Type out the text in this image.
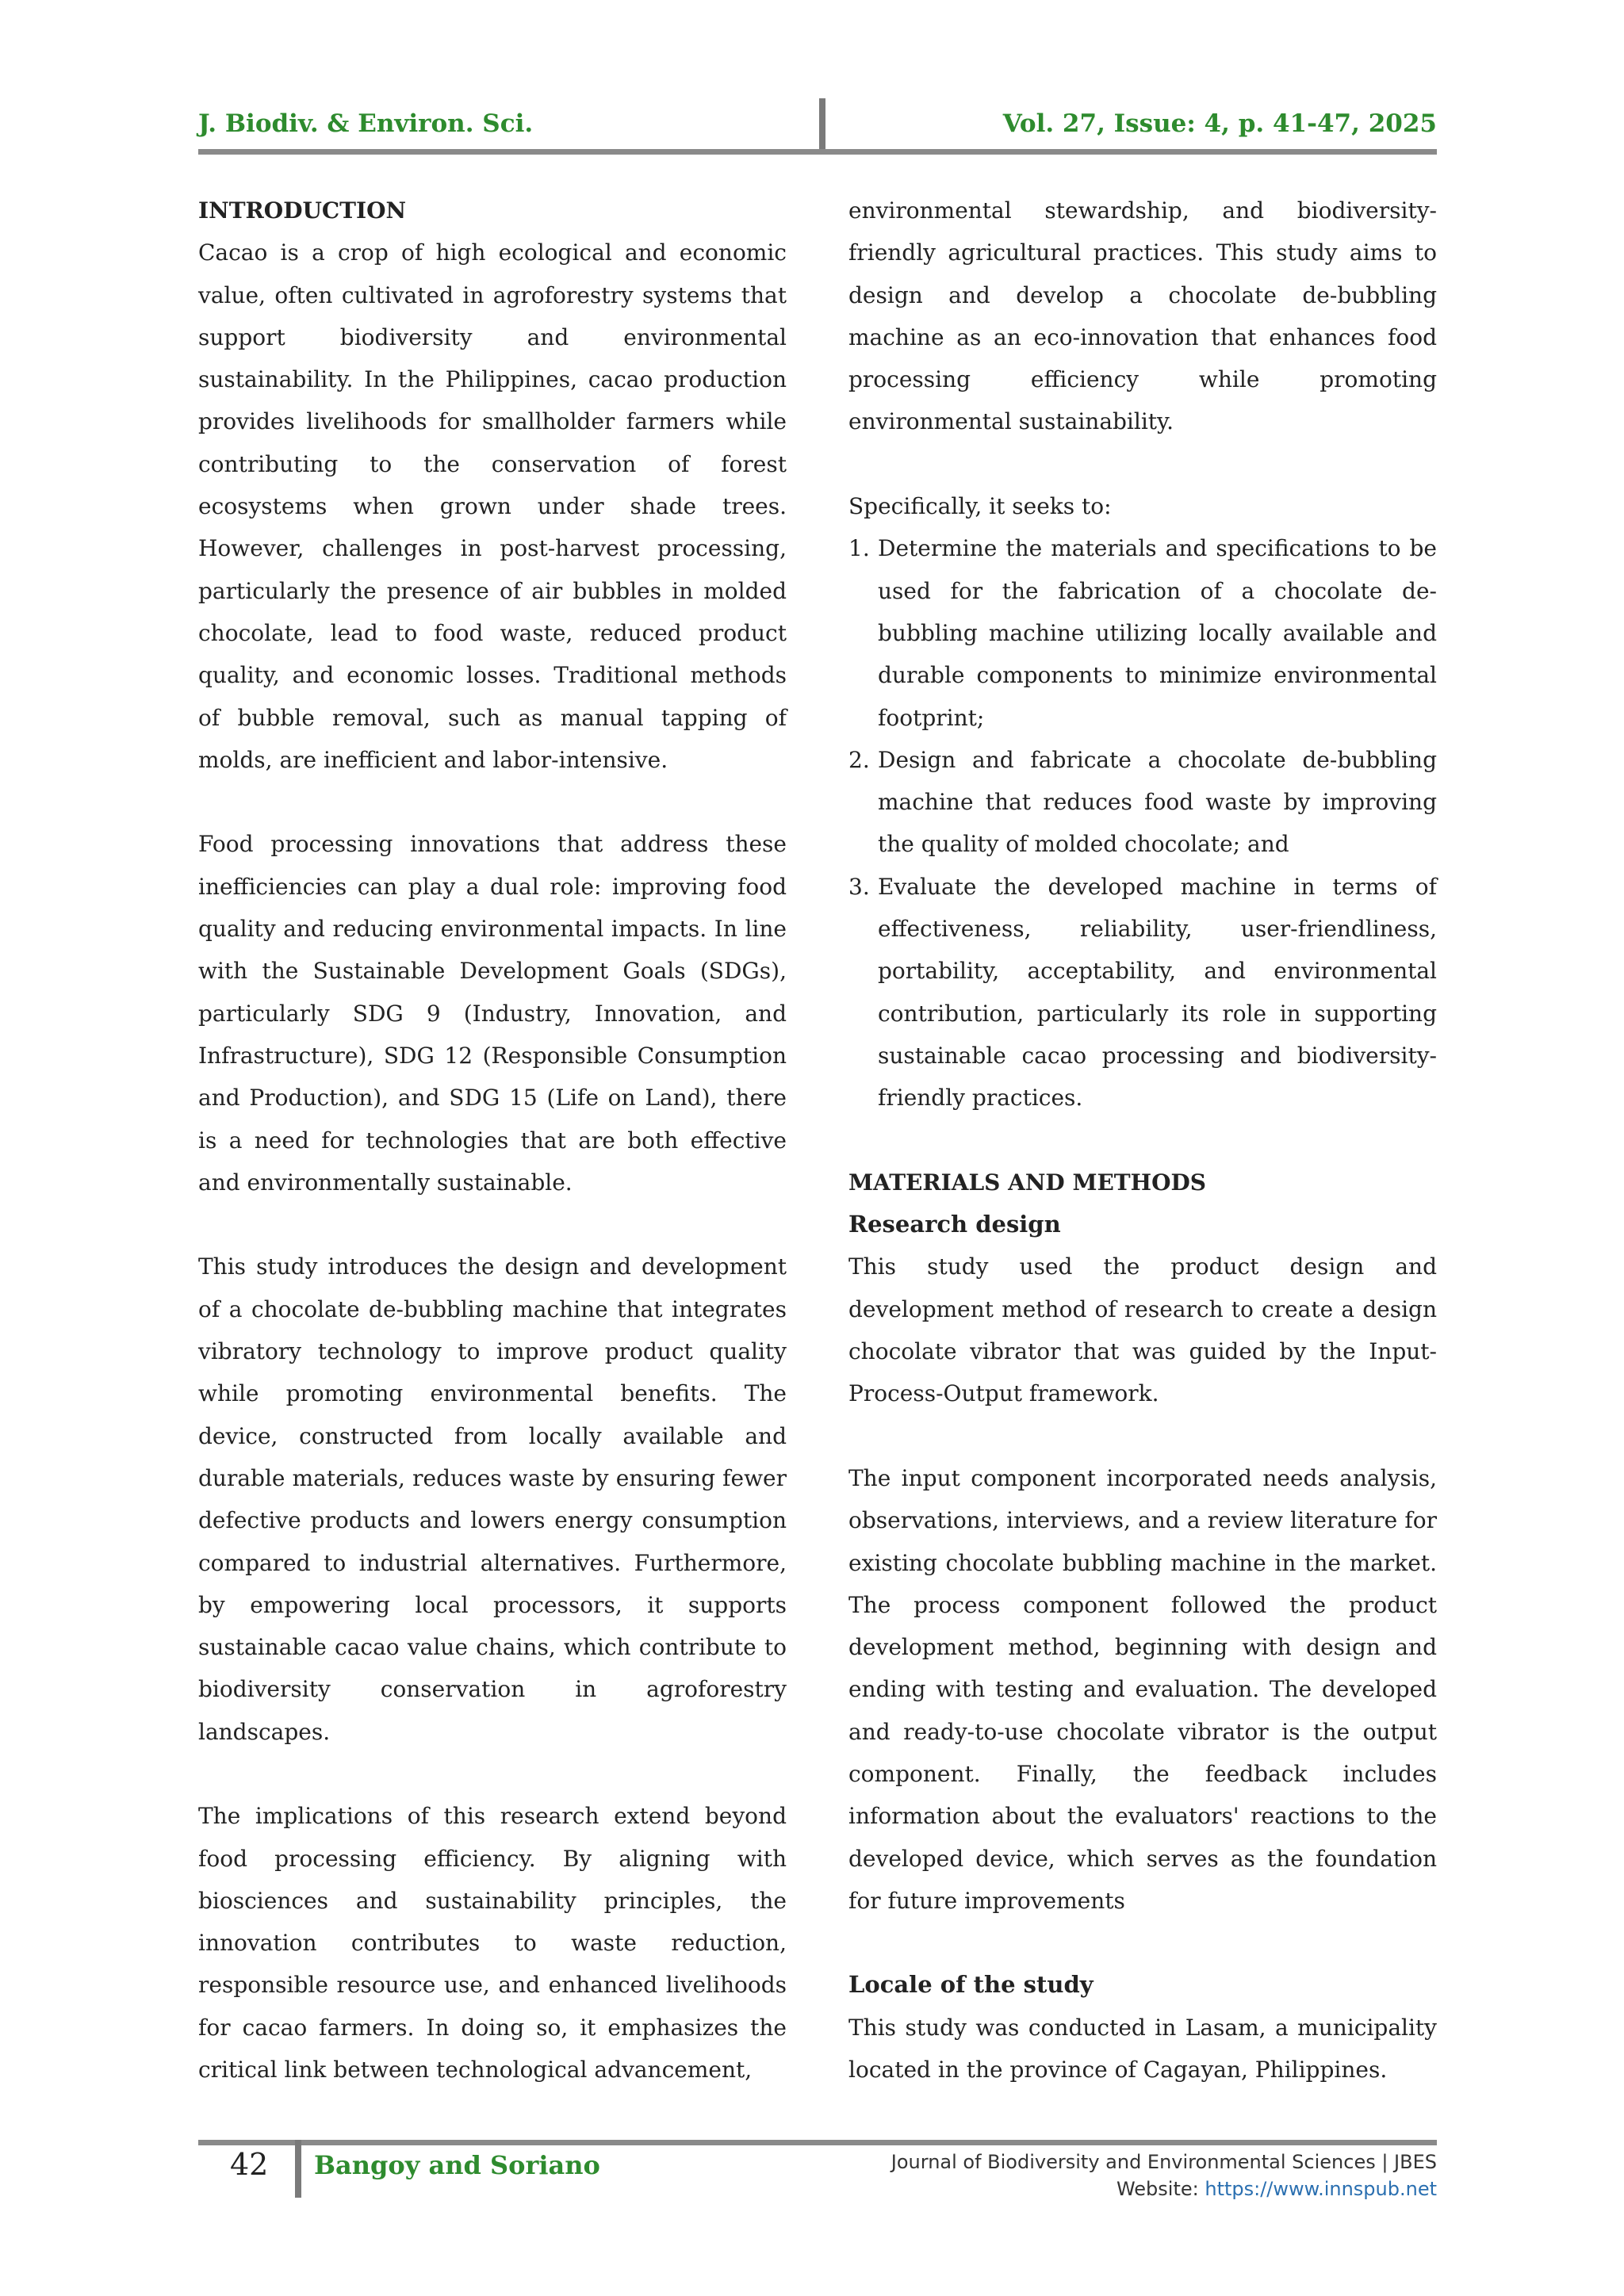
J. Biodiv. & Environ. Sci.	Vol. 27, Issue: 4, p. 41-47, 2025

INTRODUCTION

Cacao is a crop of high ecological and economic value, often cultivated in agroforestry systems that support biodiversity and environmental sustainability. In the Philippines, cacao production provides livelihoods for smallholder farmers while contributing to the conservation of forest ecosystems when grown under shade trees. However, challenges in post-harvest processing, particularly the presence of air bubbles in molded chocolate, lead to food waste, reduced product quality, and economic losses. Traditional methods of bubble removal, such as manual tapping of molds, are inefficient and labor-intensive.

Food processing innovations that address these inefficiencies can play a dual role: improving food quality and reducing environmental impacts. In line with the Sustainable Development Goals (SDGs), particularly SDG 9 (Industry, Innovation, and Infrastructure), SDG 12 (Responsible Consumption and Production), and SDG 15 (Life on Land), there is a need for technologies that are both effective and environmentally sustainable.

This study introduces the design and development of a chocolate de-bubbling machine that integrates vibratory technology to improve product quality while promoting environmental benefits. The device, constructed from locally available and durable materials, reduces waste by ensuring fewer defective products and lowers energy consumption compared to industrial alternatives. Furthermore, by empowering local processors, it supports sustainable cacao value chains, which contribute to biodiversity conservation in agroforestry landscapes.

The implications of this research extend beyond food processing efficiency. By aligning with biosciences and sustainability principles, the innovation contributes to waste reduction, responsible resource use, and enhanced livelihoods for cacao farmers. In doing so, it emphasizes the critical link between technological advancement,

environmental stewardship, and biodiversity-friendly agricultural practices. This study aims to design and develop a chocolate de-bubbling machine as an eco-innovation that enhances food processing efficiency while promoting environmental sustainability.

Specifically, it seeks to:

1. Determine the materials and specifications to be used for the fabrication of a chocolate de-bubbling machine utilizing locally available and durable components to minimize environmental footprint;
2. Design and fabricate a chocolate de-bubbling machine that reduces food waste by improving the quality of molded chocolate; and
3. Evaluate the developed machine in terms of effectiveness, reliability, user-friendliness, portability, acceptability, and environmental contribution, particularly its role in supporting sustainable cacao processing and biodiversity-friendly practices.

MATERIALS AND METHODS

Research design

This study used the product design and development method of research to create a design chocolate vibrator that was guided by the Input-Process-Output framework.

The input component incorporated needs analysis, observations, interviews, and a review literature for existing chocolate bubbling machine in the market. The process component followed the product development method, beginning with design and ending with testing and evaluation. The developed and ready-to-use chocolate vibrator is the output component. Finally, the feedback includes information about the evaluators' reactions to the developed device, which serves as the foundation for future improvements

Locale of the study

This study was conducted in Lasam, a municipality located in the province of Cagayan, Philippines.

42 Bangoy and Soriano	Journal of Biodiversity and Environmental Sciences | JBES
Website: https://www.innspub.net
